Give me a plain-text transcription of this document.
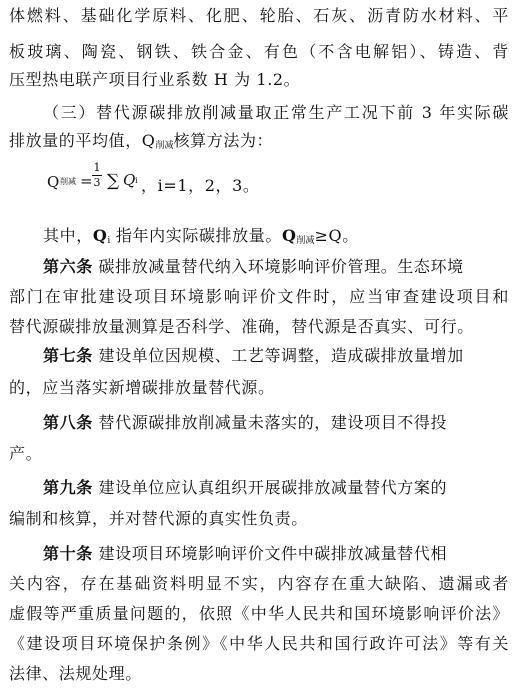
体燃料、基础化学原料、化肥、轮胎、石灰、沥青防水材料、平
板玻璃、陶瓷、钢铁、铁合金、有色（不含电解铝）、铸造、背
压型热电联产项目行业系数 H 为 1.2。
（三）替代源碳排放削减量取正常生产工况下前 3 年实际碳
排放量的平均值，$Q_{削减}$核算方法为：
Q 削减 =
1
3 ∑ Q i ，i=1，2，3。
其中，$Q_i$ 指年内实际碳排放量。$Q_{削减}\ge Q$。
第六条 碳排放减量替代纳入环境影响评价管理。生态环境
部门在审批建设项目环境影响评价文件时，应当审查建设项目和
替代源碳排放量测算是否科学、准确，替代源是否真实、可行。
第七条 建设单位因规模、工艺等调整，造成碳排放量增加
的，应当落实新增碳排放量替代源。
第八条 替代源碳排放削减量未落实的，建设项目不得投
产。
第九条 建设单位应认真组织开展碳排放减量替代方案的
编制和核算，并对替代源的真实性负责。
第十条 建设项目环境影响评价文件中碳排放减量替代相
关内容，存在基础资料明显不实，内容存在重大缺陷、遗漏或者
虚假等严重质量问题的，依照《中华人民共和国环境影响评价法》
《建设项目环境保护条例》《中华人民共和国行政许可法》等有关
法律、法规处理。
